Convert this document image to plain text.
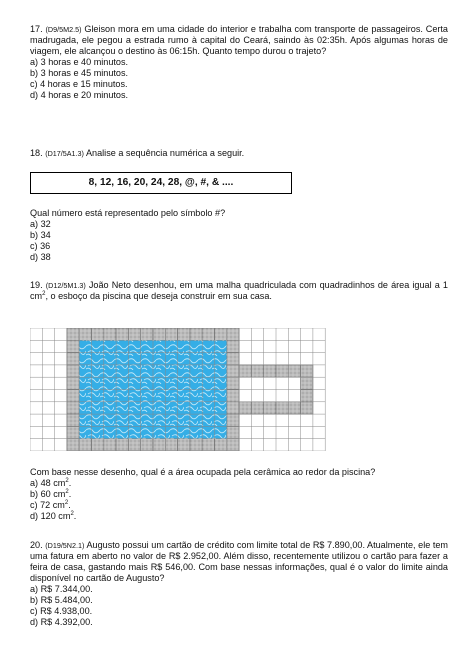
17. (D9/5M2.5) Gleison mora em uma cidade do interior e trabalha com transporte de passageiros. Certa madrugada, ele pegou a estrada rumo à capital do Ceará, saindo às 02:35h. Após algumas horas de viagem, ele alcançou o destino às 06:15h. Quanto tempo durou o trajeto?

a) 3 horas e 40 minutos.
b) 3 horas e 45 minutos.
c) 4 horas e 15 minutos.
d) 4 horas e 20 minutos.

18. (D17/5A1.3) Analise a sequência numérica a seguir.

8, 12, 16, 20, 24, 28, @, #, & ....

Qual número está representado pelo símbolo #?

a) 32
b) 34
c) 36
d) 38

19. (D12/5M1.3) João Neto desenhou, em uma malha quadriculada com quadradinhos de área igual a 1 $cm^2$, o esboço da piscina que deseja construir em sua casa.

Com base nesse desenho, qual é a área ocupada pela cerâmica ao redor da piscina?

a) 48 $cm^2$.
b) 60 $cm^2$.
c) 72 $cm^2$.
d) 120 $cm^2$.

20. (D19/5N2.1) Augusto possui um cartão de crédito com limite total de R$ 7.890,00. Atualmente, ele tem uma fatura em aberto no valor de R$ 2.952,00. Além disso, recentemente utilizou o cartão para fazer a feira de casa, gastando mais R$ 546,00. Com base nessas informações, qual é o valor do limite ainda disponível no cartão de Augusto?

a) R$ 7.344,00.
b) R$ 5.484,00.
c) R$ 4.938,00.
d) R$ 4.392,00.
